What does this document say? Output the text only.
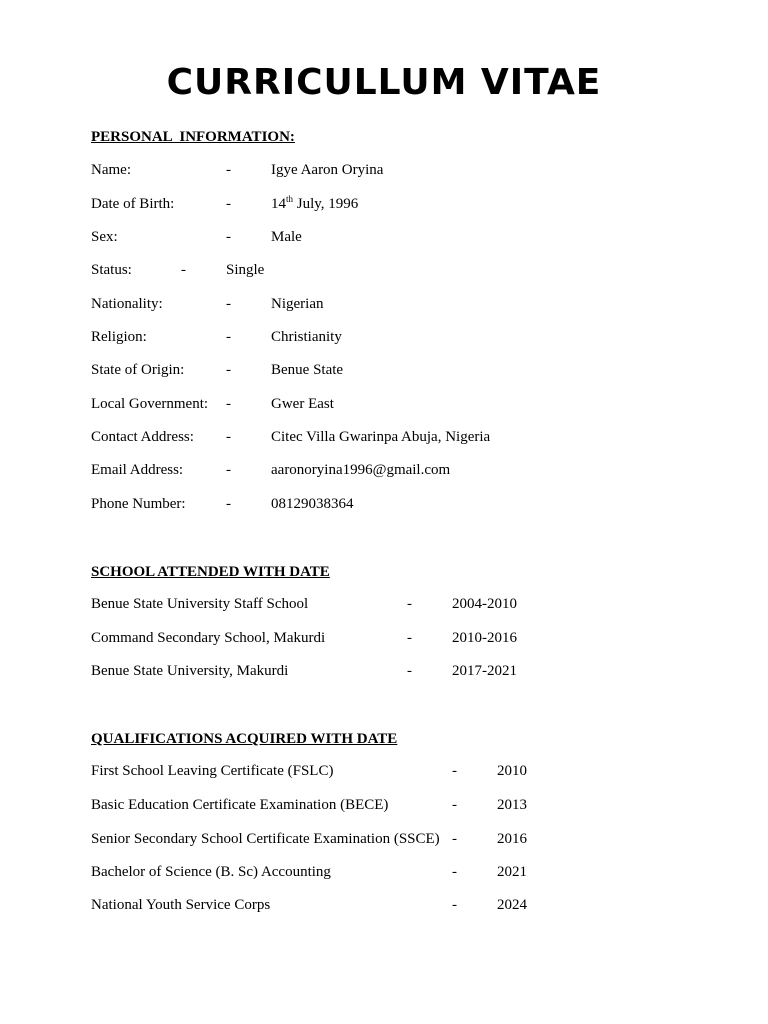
CURRICULLUM VITAE
PERSONAL  INFORMATION:
Name:	-	Igye Aaron Oryina
Date of Birth:	-	14th July, 1996
Sex:	-	Male
Status:	-	Single
Nationality:	-	Nigerian
Religion:	-	Christianity
State of Origin:	-	Benue State
Local Government: -	Gwer East
Contact Address: -	Citec Villa Gwarinpa Abuja, Nigeria
Email Address:	-	aaronoryina1996@gmail.com
Phone Number:	-	08129038364
SCHOOL ATTENDED WITH DATE
Benue State University Staff School	-	2004-2010
Command Secondary School, Makurdi	-	2010-2016
Benue State University, Makurdi	-	2017-2021
QUALIFICATIONS ACQUIRED WITH DATE
First School Leaving Certificate (FSLC)	-	2010
Basic Education Certificate Examination (BECE)	-	2013
Senior Secondary School Certificate Examination (SSCE) -	2016
Bachelor of Science (B. Sc) Accounting	-	2021
National Youth Service Corps	-	2024
